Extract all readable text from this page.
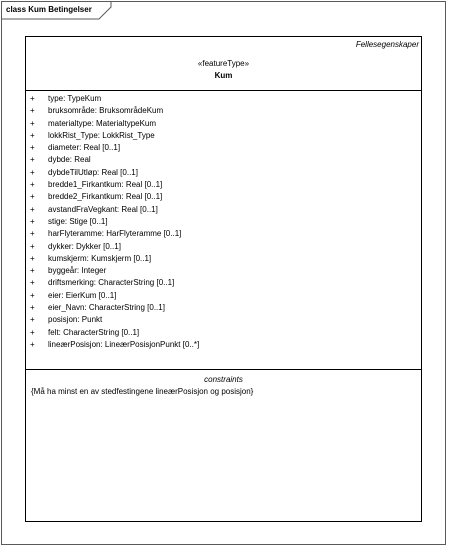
class Kum Betingelser
Fellesegenskaper
«featureType»
Kum
+ type: TypeKum
+ bruksområde: BruksområdeKum
+ materialtype: MaterialtypeKum
+ lokkRist_Type: LokkRist_Type
+ diameter: Real [0..1]
+ dybde: Real
+ dybdeTilUtløp: Real [0..1]
+ bredde1_Firkantkum: Real [0..1]
+ bredde2_Firkantkum: Real [0..1]
+ avstandFraVegkant: Real [0..1]
+ stige: Stige [0..1]
+ harFlyteramme: HarFlyteramme [0..1]
+ dykker: Dykker [0..1]
+ kumskjerm: Kumskjerm [0..1]
+ byggeår: Integer
+ driftsmerking: CharacterString [0..1]
+ eier: EierKum [0..1]
+ eier_Navn: CharacterString [0..1]
+ posisjon: Punkt
+ felt: CharacterString [0..1]
+ lineærPosisjon: LineærPosisjonPunkt [0..*]
constraints
{Må ha minst en av stedfestingene lineærPosisjon og posisjon}
